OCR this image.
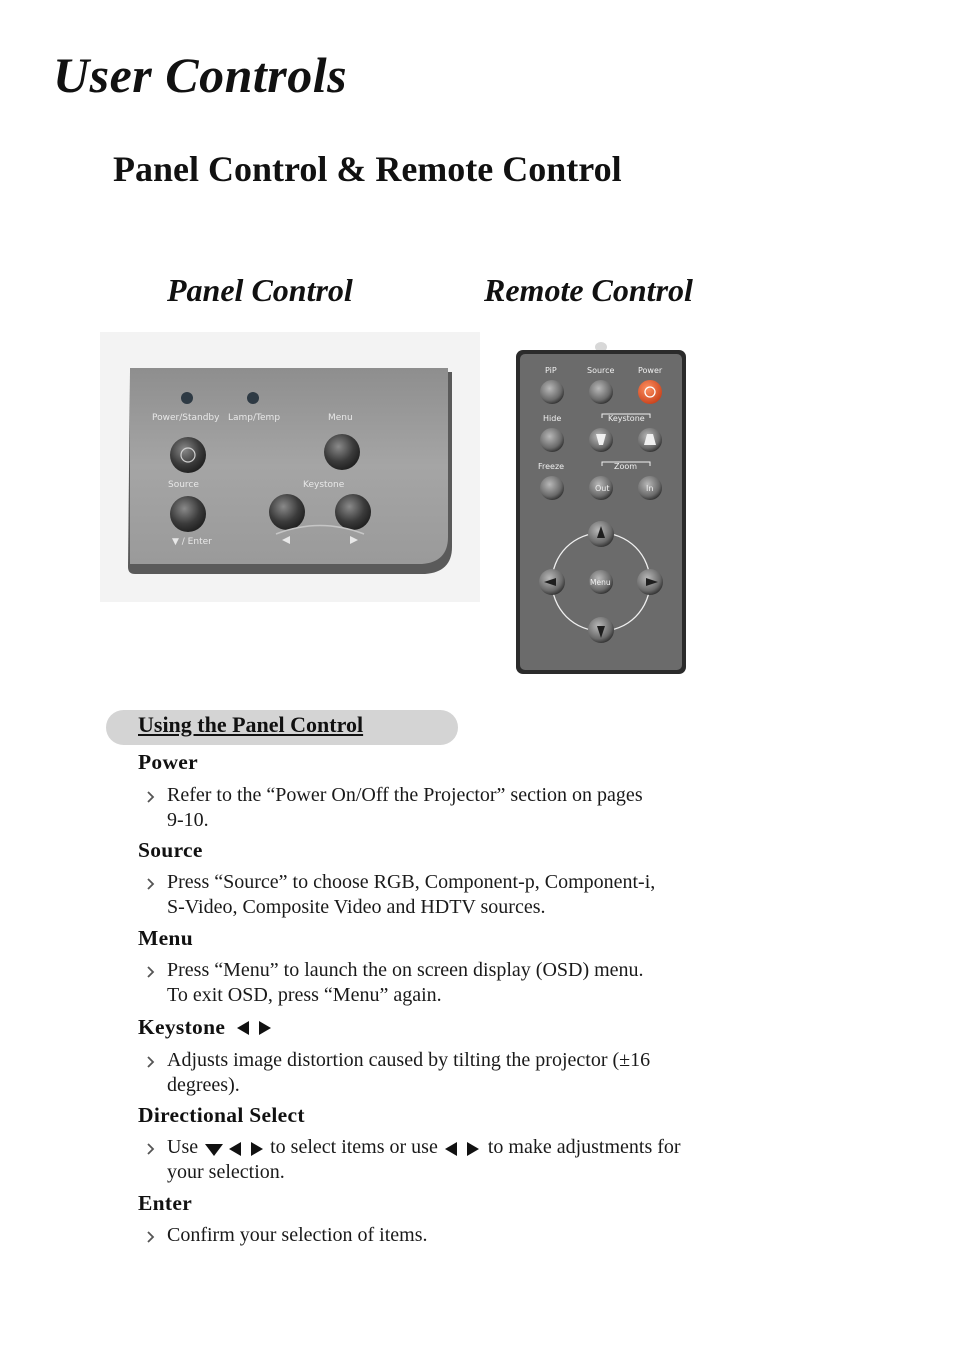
User Controls
Panel Control & Remote Control
Panel Control	Remote Control
Power/Standby Lamp/Temp	Menu
Source	Keystone
▼ / Enter
PiP	Source	Power
Hide	Keystone
Freeze	Zoom
Out	In
Menu
Using the Panel Control
Power
Refer to the “Power On/Off the Projector” section on pages
9-10.
Source
Press “Source” to choose RGB, Component-p, Component-i,
S-Video, Composite Video and HDTV sources.
Menu
Press “Menu” to launch the on screen display (OSD) menu.
To exit OSD, press “Menu” again.
Keystone
Adjusts image distortion caused by tilting the projector (±16
degrees).
Directional Select
Use	to select items or use	to make adjustments for
your selection.
Enter
Confirm your selection of items.
